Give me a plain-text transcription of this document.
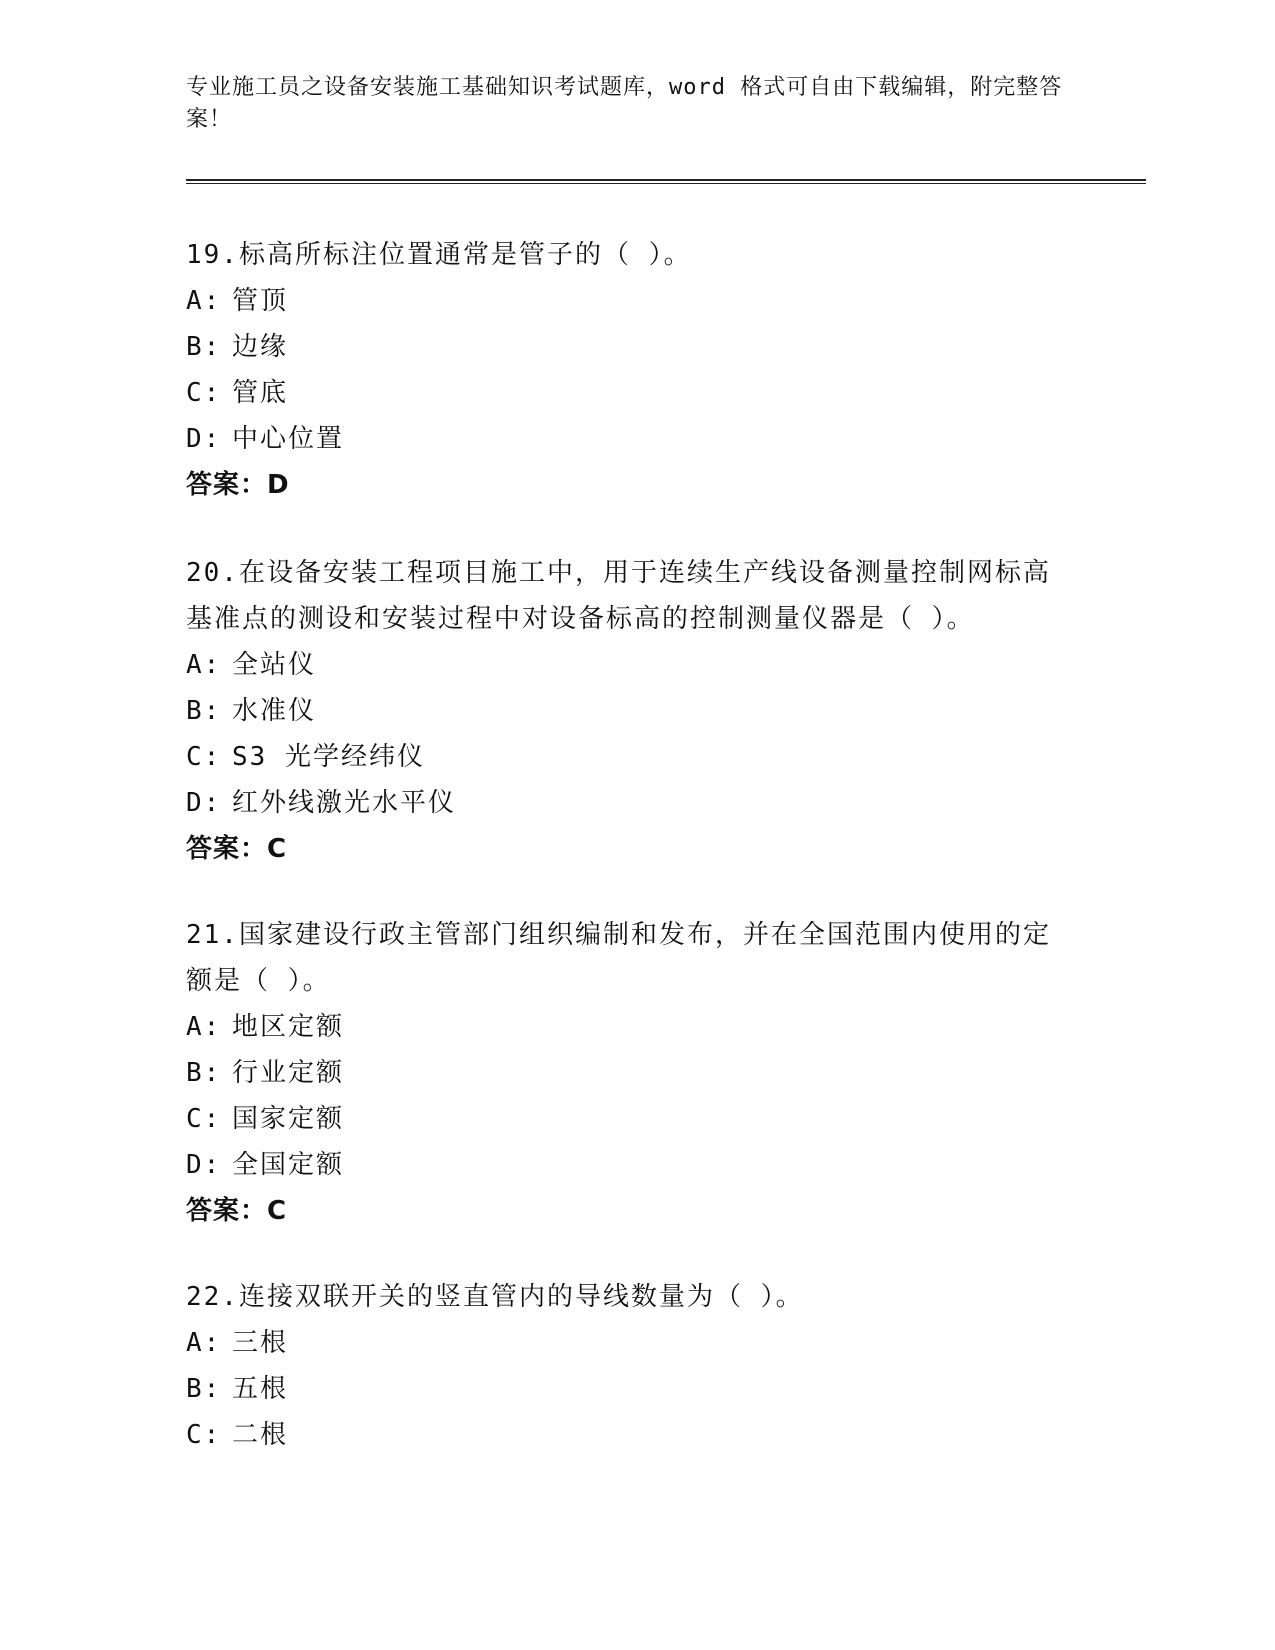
专业施工员之设备安装施工基础知识考试题库，word 格式可自由下载编辑，附完整答案！

19.标高所标注位置通常是管子的（ ）。

A: 管顶

B: 边缘

C: 管底

D: 中心位置

答案：D

20.在设备安装工程项目施工中，用于连续生产线设备测量控制网标高基准点的测设和安装过程中对设备标高的控制测量仪器是（ ）。

A: 全站仪

B: 水准仪

C: S3 光学经纬仪

D: 红外线激光水平仪

答案：C

21.国家建设行政主管部门组织编制和发布，并在全国范围内使用的定额是（ ）。

A: 地区定额

B: 行业定额

C: 国家定额

D: 全国定额

答案：C

22.连接双联开关的竖直管内的导线数量为（ ）。

A: 三根

B: 五根

C: 二根
